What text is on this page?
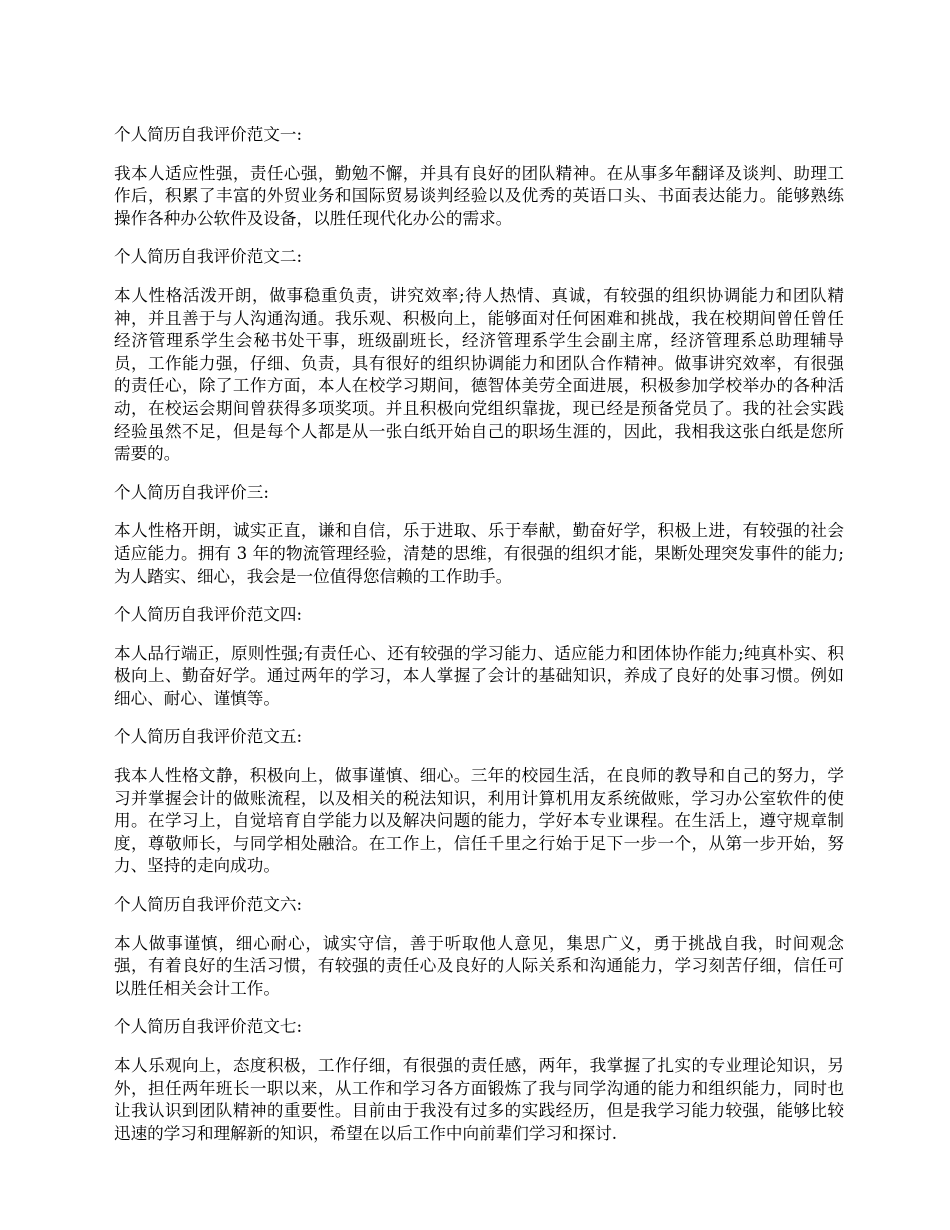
个人简历自我评价范文一:

我本人适应性强，责任心强，勤勉不懈，并具有良好的团队精神。在从事多年翻译及谈判、助理工作后，积累了丰富的外贸业务和国际贸易谈判经验以及优秀的英语口头、书面表达能力。能够熟练操作各种办公软件及设备，以胜任现代化办公的需求。

个人简历自我评价范文二:

本人性格活泼开朗，做事稳重负责，讲究效率;待人热情、真诚，有较强的组织协调能力和团队精神，并且善于与人沟通沟通。我乐观、积极向上，能够面对任何困难和挑战，我在校期间曾任曾任经济管理系学生会秘书处干事，班级副班长，经济管理系学生会副主席，经济管理系总助理辅导员，工作能力强，仔细、负责，具有很好的组织协调能力和团队合作精神。做事讲究效率，有很强的责任心，除了工作方面，本人在校学习期间，德智体美劳全面进展，积极参加学校举办的各种活动，在校运会期间曾获得多项奖项。并且积极向党组织靠拢，现已经是预备党员了。我的社会实践经验虽然不足，但是每个人都是从一张白纸开始自己的职场生涯的，因此，我相我这张白纸是您所需要的。

个人简历自我评价三:

本人性格开朗，诚实正直，谦和自信，乐于进取、乐于奉献，勤奋好学，积极上进，有较强的社会适应能力。拥有 3 年的物流管理经验，清楚的思维，有很强的组织才能，果断处理突发事件的能力;为人踏实、细心，我会是一位值得您信赖的工作助手。

个人简历自我评价范文四:

本人品行端正，原则性强;有责任心、还有较强的学习能力、适应能力和团体协作能力;纯真朴实、积极向上、勤奋好学。通过两年的学习，本人掌握了会计的基础知识，养成了良好的处事习惯。例如细心、耐心、谨慎等。

个人简历自我评价范文五:

我本人性格文静，积极向上，做事谨慎、细心。三年的校园生活，在良师的教导和自己的努力，学习并掌握会计的做账流程，以及相关的税法知识，利用计算机用友系统做账，学习办公室软件的使用。在学习上，自觉培育自学能力以及解决问题的能力，学好本专业课程。在生活上，遵守规章制度，尊敬师长，与同学相处融洽。在工作上，信任千里之行始于足下一步一个，从第一步开始，努力、坚持的走向成功。

个人简历自我评价范文六:

本人做事谨慎，细心耐心，诚实守信，善于听取他人意见，集思广义，勇于挑战自我，时间观念强，有着良好的生活习惯，有较强的责任心及良好的人际关系和沟通能力，学习刻苦仔细，信任可以胜任相关会计工作。

个人简历自我评价范文七:

本人乐观向上，态度积极，工作仔细，有很强的责任感，两年，我掌握了扎实的专业理论知识，另外，担任两年班长一职以来，从工作和学习各方面锻炼了我与同学沟通的能力和组织能力，同时也让我认识到团队精神的重要性。目前由于我没有过多的实践经历，但是我学习能力较强，能够比较迅速的学习和理解新的知识，希望在以后工作中向前辈们学习和探讨.
